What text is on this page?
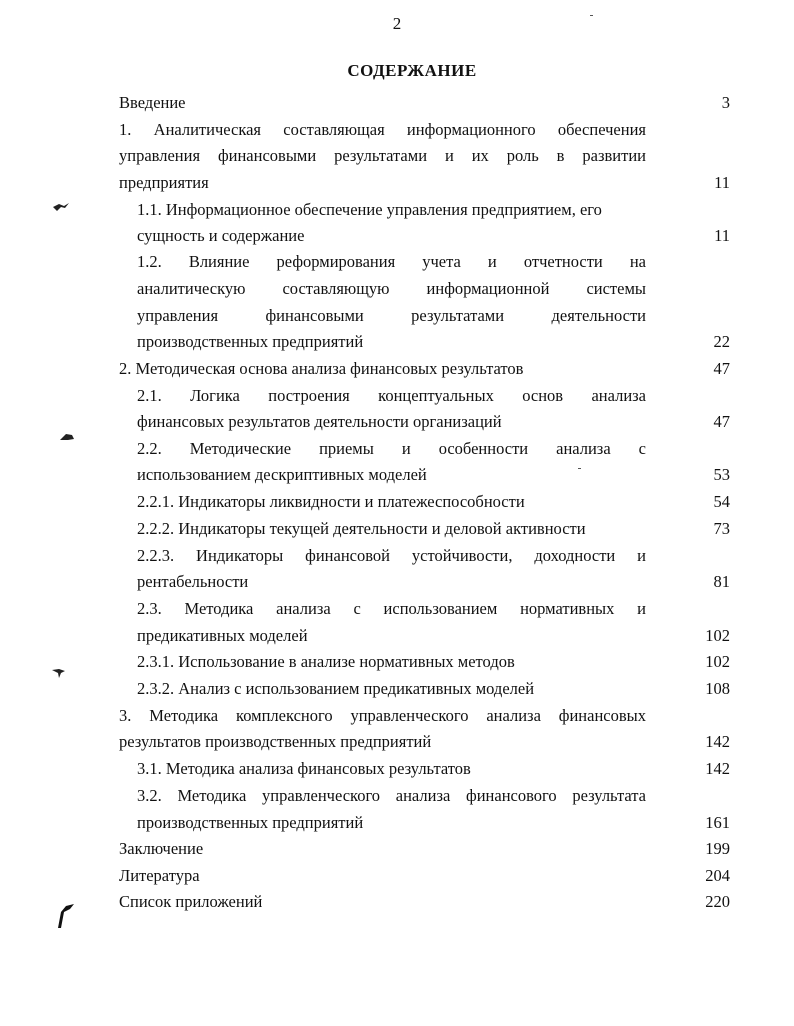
2
СОДЕРЖАНИЕ
Введение	3
1. Аналитическая составляющая информационного обеспечения
управления финансовыми результатами и их роль в развитии
предприятия	11
1.1. Информационное обеспечение управления предприятием, его
сущность и содержание	11
1.2. Влияние реформирования учета и отчетности на
аналитическую составляющую информационной системы
управления финансовыми результатами деятельности
производственных предприятий	22
2. Методическая основа анализа финансовых результатов	47
2.1. Логика построения концептуальных основ анализа
финансовых результатов деятельности организаций	47
2.2. Методические приемы и особенности анализа с
использованием дескриптивных моделей	53
2.2.1. Индикаторы ликвидности и платежеспособности	54
2.2.2. Индикаторы текущей деятельности и деловой активности	73
2.2.3. Индикаторы финансовой устойчивости, доходности и
рентабельности	81
2.3. Методика анализа с использованием нормативных и
предикативных моделей	102
2.3.1. Использование в анализе нормативных методов	102
2.3.2. Анализ с использованием предикативных моделей	108
3. Методика комплексного управленческого анализа финансовых
результатов производственных предприятий	142
3.1. Методика анализа финансовых результатов	142
3.2. Методика управленческого анализа финансового результата
производственных предприятий	161
Заключение	199
Литература	204
Список приложений	220
